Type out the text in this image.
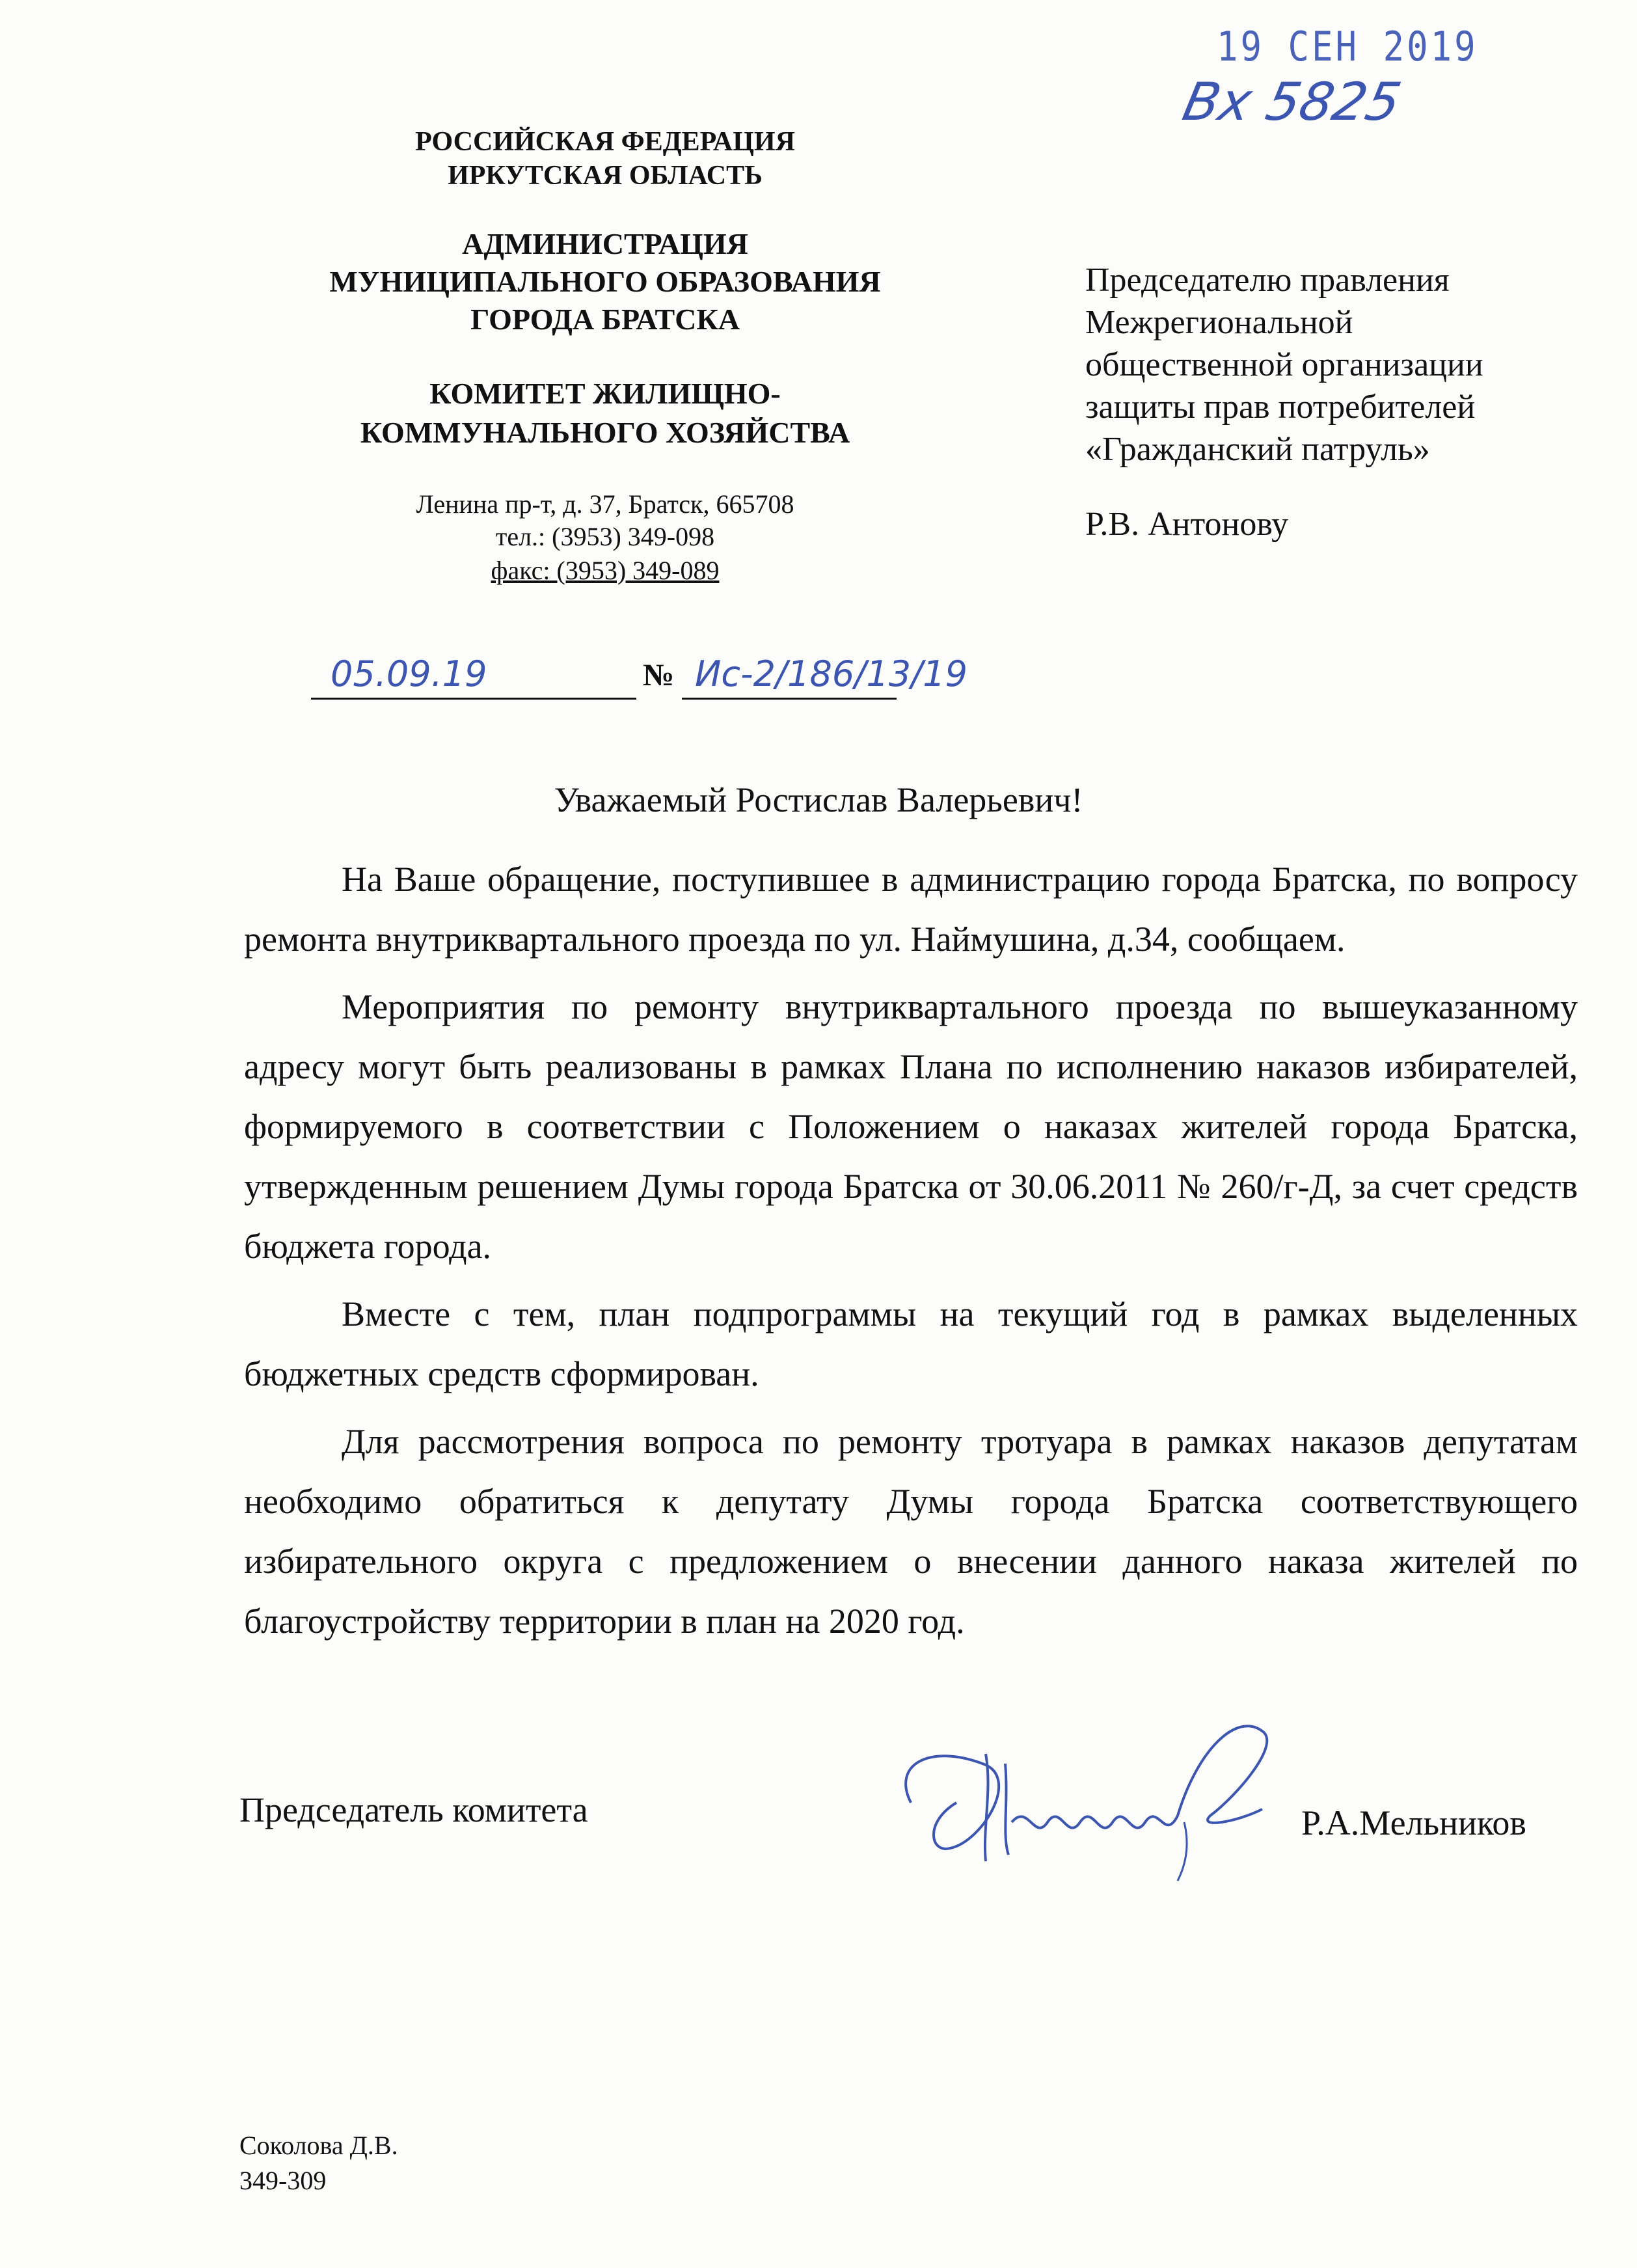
19 СЕН 2019
Вх 5825
РОССИЙСКАЯ ФЕДЕРАЦИЯ
ИРКУТСКАЯ ОБЛАСТЬ
АДМИНИСТРАЦИЯ
МУНИЦИПАЛЬНОГО ОБРАЗОВАНИЯ
ГОРОДА БРАТСКА
КОМИТЕТ ЖИЛИЩНО-
КОММУНАЛЬНОГО ХОЗЯЙСТВА
Ленина пр-т, д. 37, Братск, 665708
тел.: (3953) 349-098
факс: (3953) 349-089
Председателю правления
Межрегиональной
общественной организации
защиты прав потребителей
«Гражданский патруль»
Р.В. Антонову
05.09.19	№ Ис-2/186/13/19
Уважаемый Ростислав Валерьевич!

На Ваше обращение, поступившее в администрацию города Братска, по вопросу ремонта внутриквартального проезда по ул. Наймушина, д.34, сообщаем.

Мероприятия по ремонту внутриквартального проезда по вышеуказанному адресу могут быть реализованы в рамках Плана по исполнению наказов избирателей, формируемого в соответствии с Положением о наказах жителей города Братска, утвержденным решением Думы города Братска от 30.06.2011 № 260/г-Д, за счет средств бюджета города.

Вместе с тем, план подпрограммы на текущий год в рамках выделенных бюджетных средств сформирован.

Для рассмотрения вопроса по ремонту тротуара в рамках наказов депутатам необходимо обратиться к депутату Думы города Братска соответствующего избирательного округа с предложением о внесении данного наказа жителей по благоустройству территории в план на 2020 год.

Председатель комитета	Р.А.Мельников
Соколова Д.В.
349-309
